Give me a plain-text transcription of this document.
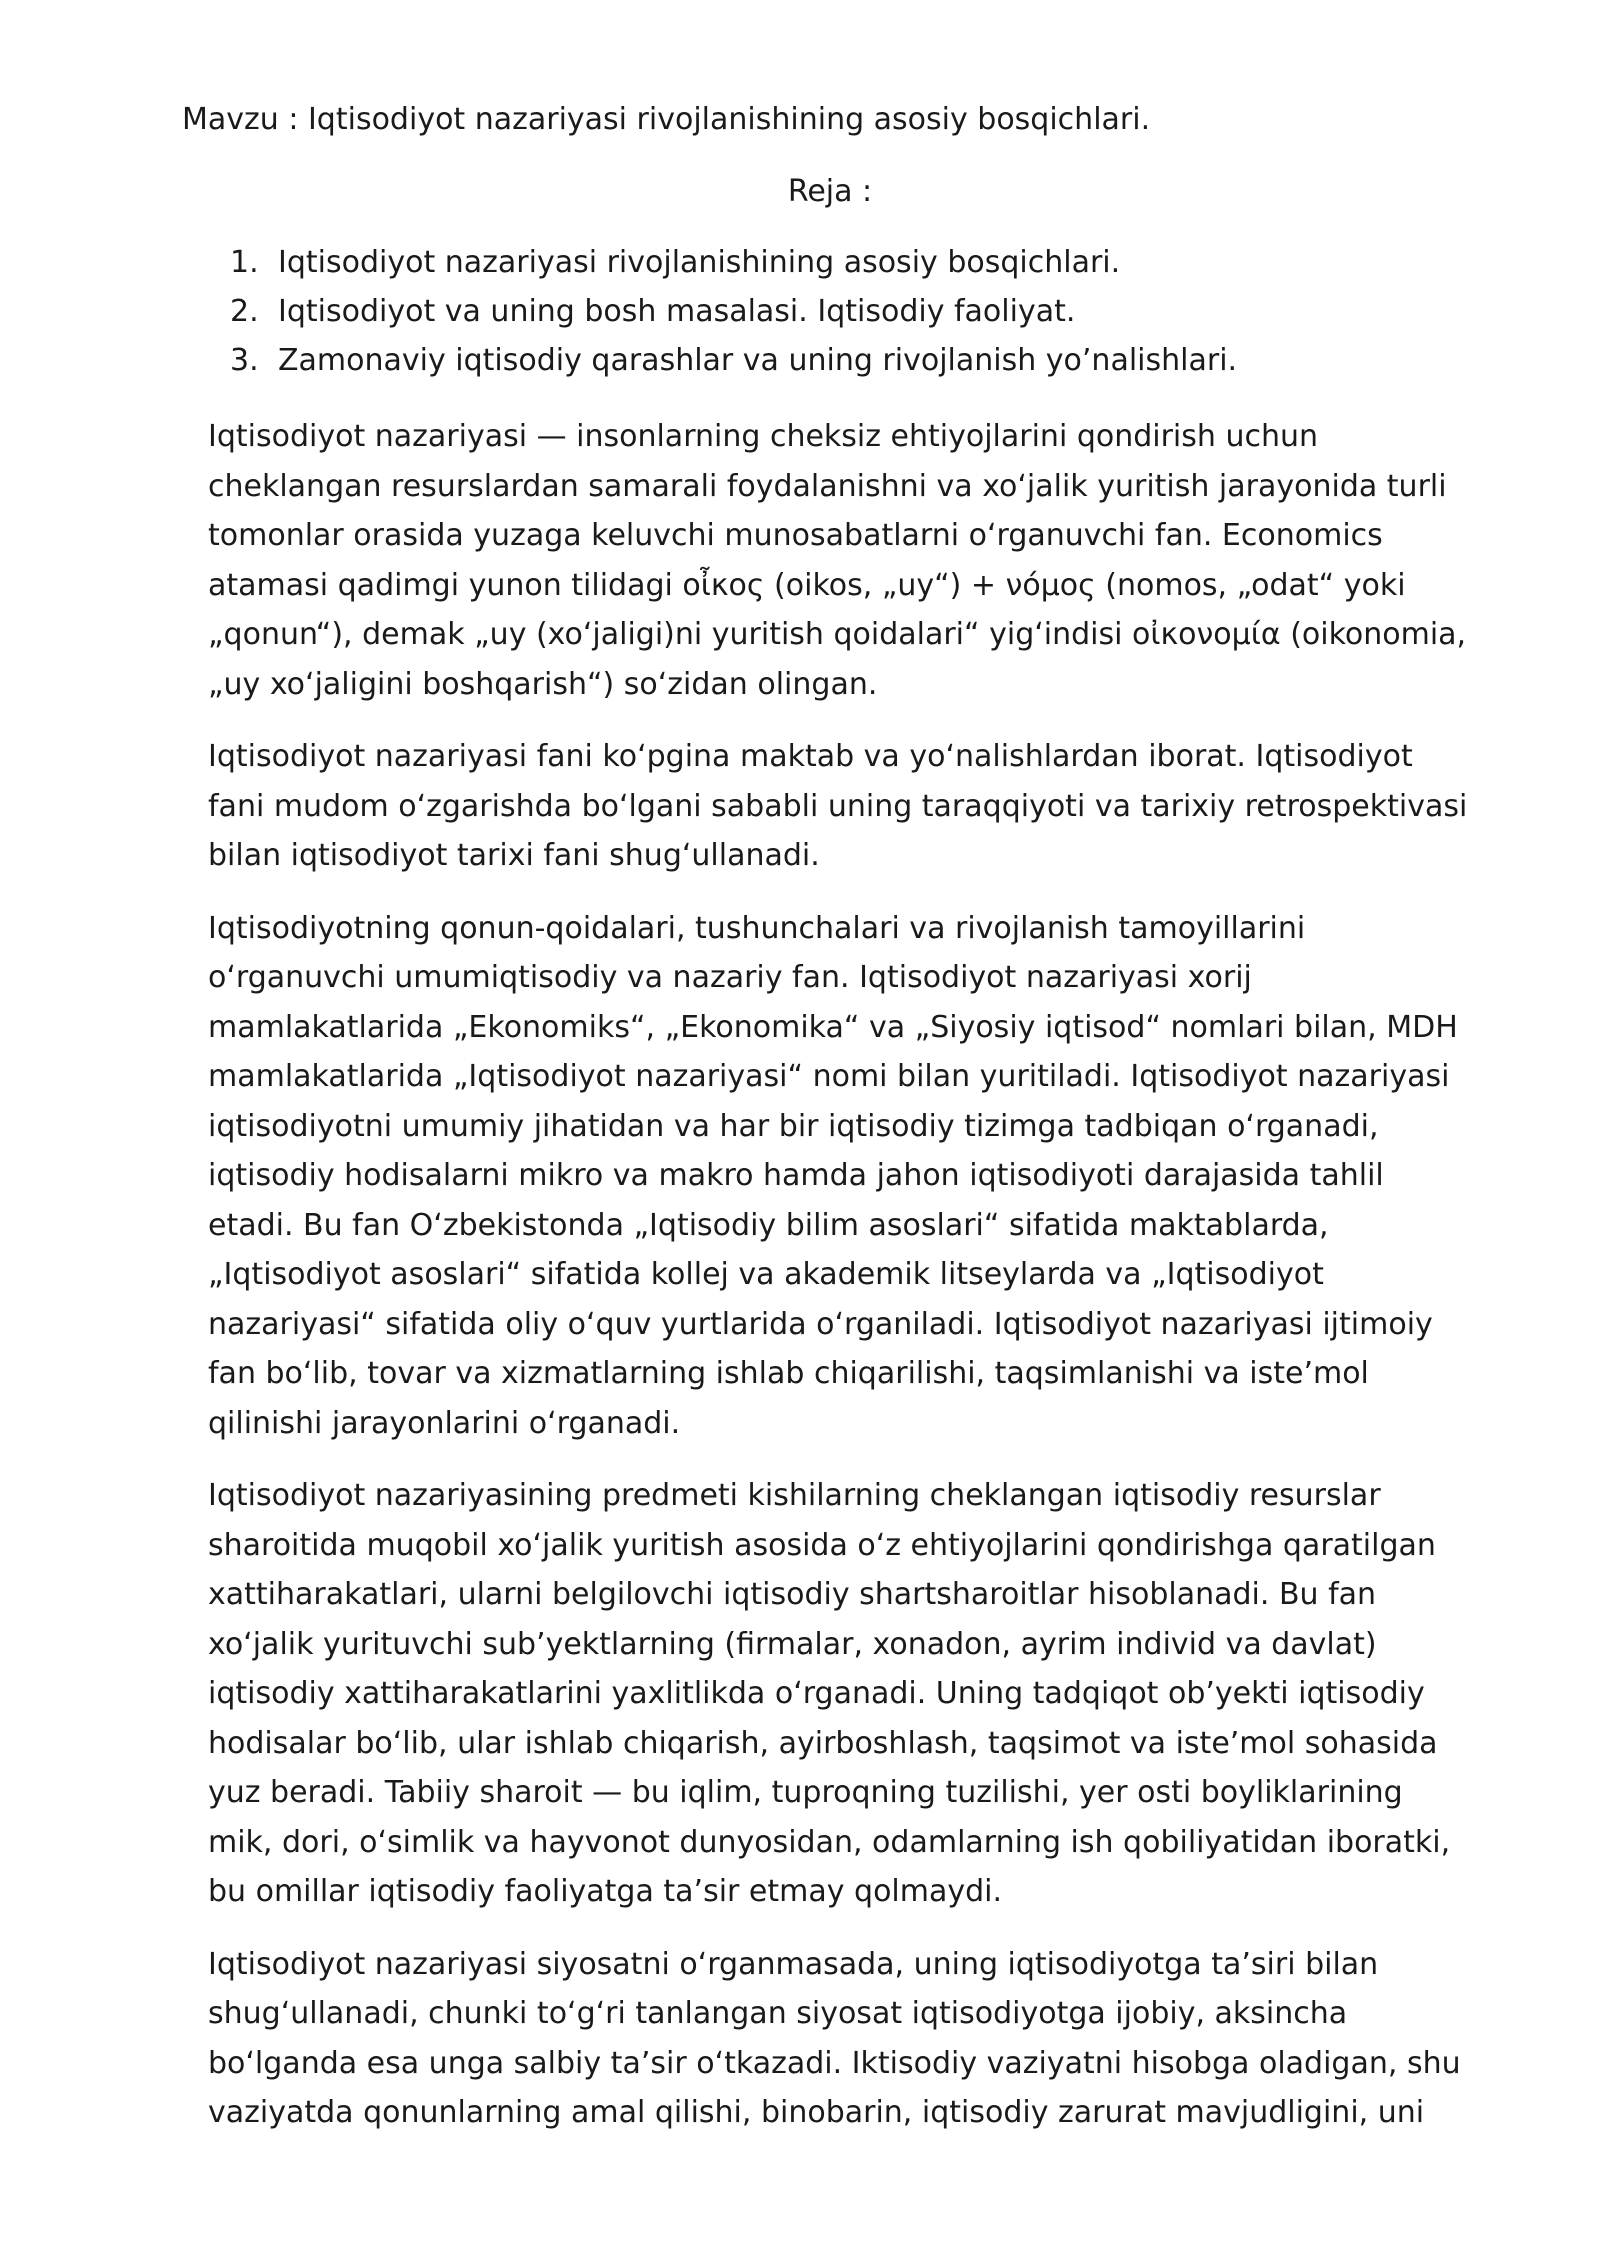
Mavzu : Iqtisodiyot nazariyasi rivojlanishining asosiy bosqichlari.
Reja :
1. Iqtisodiyot nazariyasi rivojlanishining asosiy bosqichlari.
2. Iqtisodiyot va uning bosh masalasi. Iqtisodiy faoliyat.
3. Zamonaviy iqtisodiy qarashlar va uning rivojlanish yo’nalishlari.

Iqtisodiyot nazariyasi — insonlarning cheksiz ehtiyojlarini qondirish uchun
cheklangan resurslardan samarali foydalanishni va xoʻjalik yuritish jarayonida turli
tomonlar orasida yuzaga keluvchi munosabatlarni oʻrganuvchi fan. Economics
atamasi qadimgi yunon tilidagi οἶκος (oikos, „uy“) + νόμος (nomos, „odat“ yoki
„qonun“), demak „uy (xoʻjaligi)ni yuritish qoidalari“ yigʻindisi οἰκονομία (oikonomia,
„uy xoʻjaligini boshqarish“) soʻzidan olingan.

Iqtisodiyot nazariyasi fani koʻpgina maktab va yoʻnalishlardan iborat. Iqtisodiyot
fani mudom oʻzgarishda boʻlgani sababli uning taraqqiyoti va tarixiy retrospektivasi
bilan iqtisodiyot tarixi fani shugʻullanadi.

Iqtisodiyotning qonun-qoidalari, tushunchalari va rivojlanish tamoyillarini
oʻrganuvchi umumiqtisodiy va nazariy fan. Iqtisodiyot nazariyasi xorij
mamlakatlarida „Ekonomiks“, „Ekonomika“ va „Siyosiy iqtisod“ nomlari bilan, MDH
mamlakatlarida „Iqtisodiyot nazariyasi“ nomi bilan yuritiladi. Iqtisodiyot nazariyasi
iqtisodiyotni umumiy jihatidan va har bir iqtisodiy tizimga tadbiqan oʻrganadi,
iqtisodiy hodisalarni mikro va makro hamda jahon iqtisodiyoti darajasida tahlil
etadi. Bu fan Oʻzbekistonda „Iqtisodiy bilim asoslari“ sifatida maktablarda,
„Iqtisodiyot asoslari“ sifatida kollej va akademik litseylarda va „Iqtisodiyot
nazariyasi“ sifatida oliy oʻquv yurtlarida oʻrganiladi. Iqtisodiyot nazariyasi ijtimoiy
fan boʻlib, tovar va xizmatlarning ishlab chiqarilishi, taqsimlanishi va isteʼmol
qilinishi jarayonlarini oʻrganadi.

Iqtisodiyot nazariyasining predmeti kishilarning cheklangan iqtisodiy resurslar
sharoitida muqobil xoʻjalik yuritish asosida oʻz ehtiyojlarini qondirishga qaratilgan
xattiharakatlari, ularni belgilovchi iqtisodiy shartsharoitlar hisoblanadi. Bu fan
xoʻjalik yurituvchi subʼyektlarning (firmalar, xonadon, ayrim individ va davlat)
iqtisodiy xattiharakatlarini yaxlitlikda oʻrganadi. Uning tadqiqot obʼyekti iqtisodiy
hodisalar boʻlib, ular ishlab chiqarish, ayirboshlash, taqsimot va isteʼmol sohasida
yuz beradi. Tabiiy sharoit — bu iqlim, tuproqning tuzilishi, yer osti boyliklarining
mik, dori, oʻsimlik va hayvonot dunyosidan, odamlarning ish qobiliyatidan iboratki,
bu omillar iqtisodiy faoliyatga taʼsir etmay qolmaydi.

Iqtisodiyot nazariyasi siyosatni oʻrganmasada, uning iqtisodiyotga taʼsiri bilan
shugʻullanadi, chunki toʻgʻri tanlangan siyosat iqtisodiyotga ijobiy, aksincha
boʻlganda esa unga salbiy taʼsir oʻtkazadi. Iktisodiy vaziyatni hisobga oladigan, shu
vaziyatda qonunlarning amal qilishi, binobarin, iqtisodiy zarurat mavjudligini, uni
